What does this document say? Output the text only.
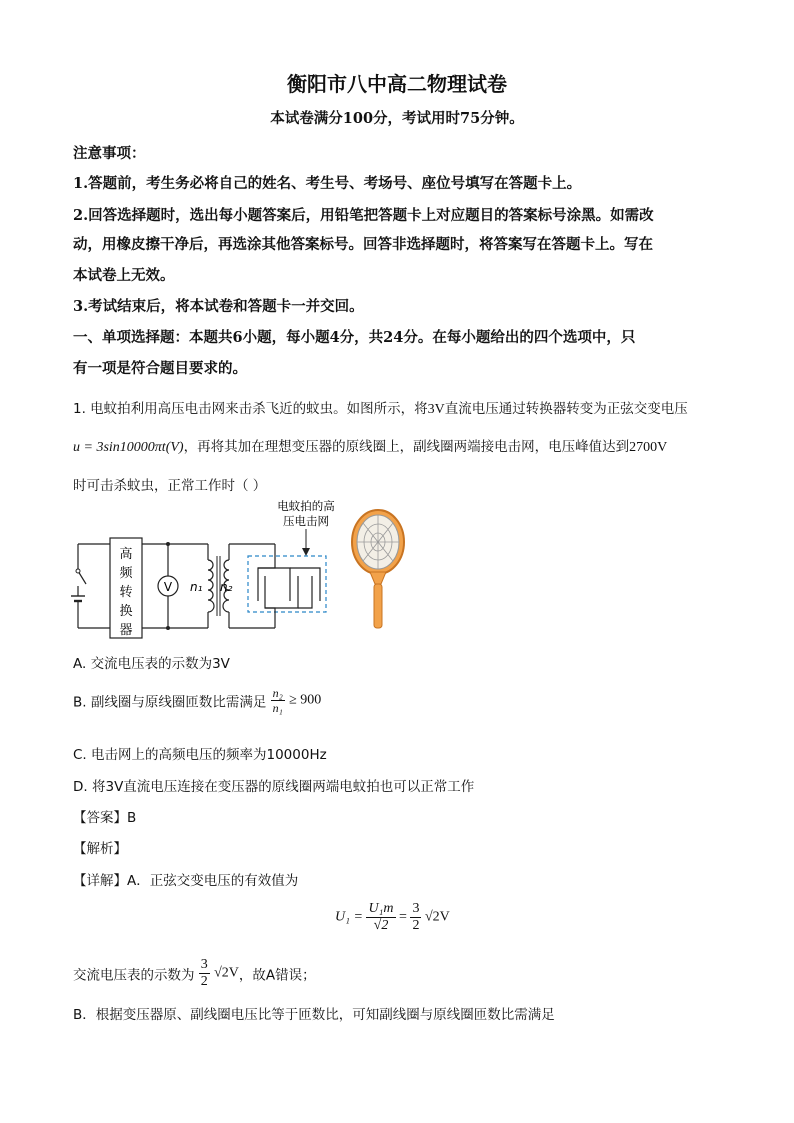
衡阳市八中高二物理试卷
本试卷满分100分，考试用时75分钟。
注意事项：
1.答题前，考生务必将自己的姓名、考生号、考场号、座位号填写在答题卡上。
2.回答选择题时，选出每小题答案后，用铅笔把答题卡上对应题目的答案标号涂黑。如需改
动，用橡皮擦干净后，再选涂其他答案标号。回答非选择题时，将答案写在答题卡上。写在
本试卷上无效。
3.考试结束后，将本试卷和答题卡一并交回。
一、单项选择题：本题共6小题，每小题4分，共24分。在每小题给出的四个选项中，只
有一项是符合题目要求的。
1. 电蚊拍利用高压电击网来击杀飞近的蚊虫。如图所示，将3V直流电压通过转换器转变为正弦交变电压
u = 3sin10000πt(V)，再将其加在理想变压器的原线圈上，副线圈两端接电击网，电压峰值达到2700V
时可击杀蚊虫，正常工作时（ ）
高
频
转
换
器
V n₁ n₂
电蚊拍的高
压电击网
A. 交流电压表的示数为3V
B. 副线圈与原线圈匝数比需满足 $\frac{\text{n₂}}{\text{n₁}} \ge 900$
C. 电击网上的高频电压的频率为10000Hz
D. 将3V直流电压连接在变压器的原线圈两端电蚊拍也可以正常工作
【答案】B
【解析】
【详解】A．正弦交变电压的有效值为
$U_1 = \frac{\text{U₁m}}{√2} = \frac{3}{2} √2V$
交流电压表的示数为 $\frac{3}{2} √2V$，故A错误；
B．根据变压器原、副线圈电压比等于匝数比，可知副线圈与原线圈匝数比需满足
